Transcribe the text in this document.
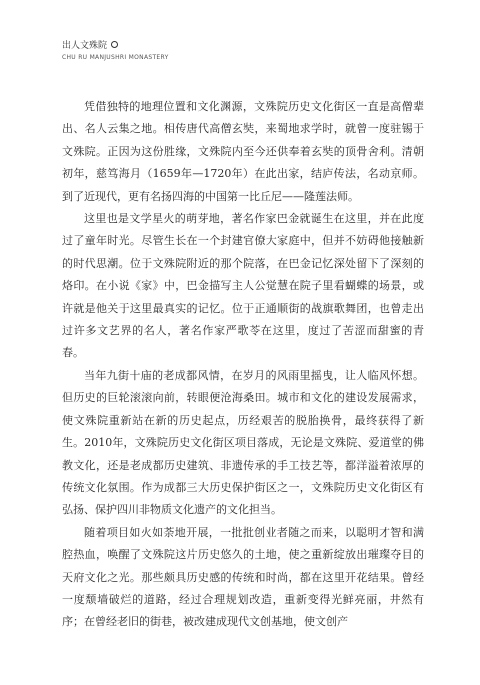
出人文殊院
CHU RU MANJUSHRI MONASTERY

凭借独特的地理位置和文化渊源，文殊院历史文化街区一直是高僧辈出、名人云集之地。相传唐代高僧玄奘，来蜀地求学时，就曾一度驻锡于文殊院。正因为这份胜缘，文殊院内至今还供奉着玄奘的顶骨舍利。清朝初年，慈笃海月（1659年—1720年）在此出家，结庐传法，名动京师。到了近现代，更有名扬四海的中国第一比丘尼——隆莲法师。

这里也是文学星火的萌芽地，著名作家巴金就诞生在这里，并在此度过了童年时光。尽管生长在一个封建官僚大家庭中，但并不妨碍他接触新的时代思潮。位于文殊院附近的那个院落，在巴金记忆深处留下了深刻的烙印。在小说《家》中，巴金描写主人公觉慧在院子里看蝴蝶的场景，或许就是他关于这里最真实的记忆。位于正通顺街的战旗歌舞团，也曾走出过许多文艺界的名人，著名作家严歌苓在这里，度过了苦涩而甜蜜的青春。

当年九街十庙的老成都风情，在岁月的风雨里摇曳，让人临风怀想。但历史的巨轮滚滚向前，转眼便沧海桑田。城市和文化的建设发展需求，使文殊院重新站在新的历史起点，历经艰苦的脱胎换骨，最终获得了新生。2010年，文殊院历史文化街区项目落成，无论是文殊院、爱道堂的佛教文化，还是老成都历史建筑、非遗传承的手工技艺等，都洋溢着浓厚的传统文化氛围。作为成都三大历史保护街区之一，文殊院历史文化街区有弘扬、保护四川非物质文化遗产的文化担当。

随着项目如火如荼地开展，一批批创业者随之而来，以聪明才智和满腔热血，唤醒了文殊院这片历史悠久的土地，使之重新绽放出璀璨夺目的天府文化之光。那些颇具历史感的传统和时尚，都在这里开花结果。曾经一度颓墙破烂的道路，经过合理规划改造，重新变得光鲜亮丽，井然有序；在曾经老旧的街巷，被改建成现代文创基地，使文创产
